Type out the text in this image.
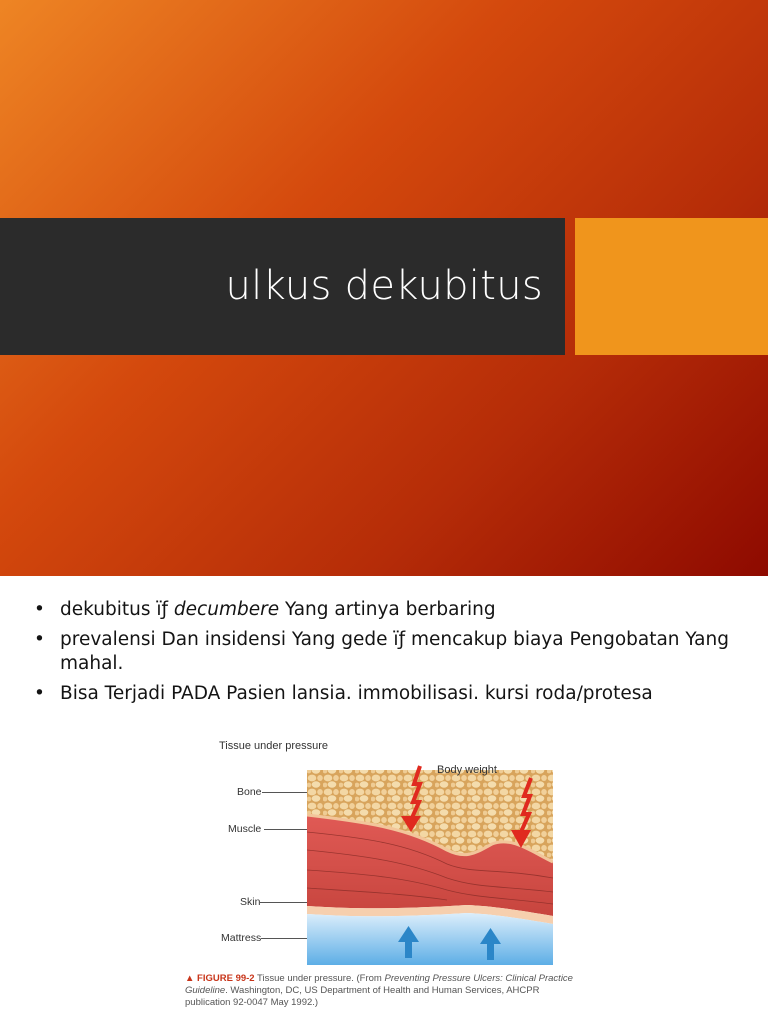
ulkus dekubitus
• dekubitus ïƒ decumbere Yang artinya berbaring
• prevalensi Dan insidensi Yang gede ïƒ mencakup biaya Pengobatan Yang mahal.
• Bisa Terjadi PADA Pasien lansia. immobilisasi. kursi roda/protesa
Tissue under pressure
Bone
Muscle
Skin
Mattress
Body weight
▲ FIGURE 99-2 Tissue under pressure. (From Preventing Pressure Ulcers: Clinical Practice Guideline. Washington, DC, US Department of Health and Human Services, AHCPR publication 92-0047 May 1992.)
